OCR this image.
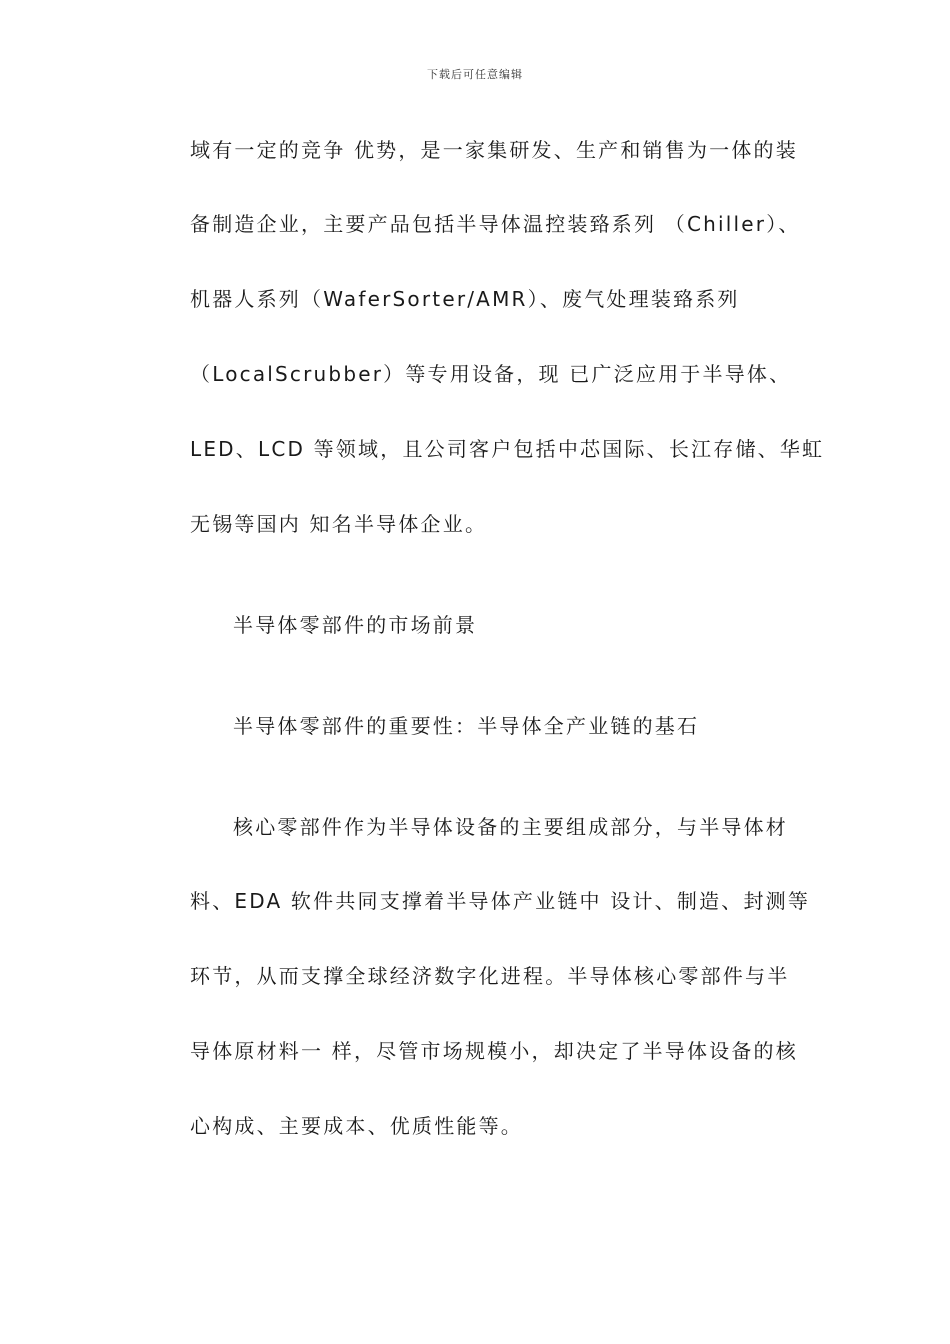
下载后可任意编辑
域有一定的竞争 优势，是一家集研发、生产和销售为一体的装
备制造企业，主要产品包括半导体温控装臵系列 （Chiller）、
机器人系列（WaferSorter/AMR）、废气处理装臵系列
（LocalScrubber）等专用设备，现 已广泛应用于半导体、
LED、LCD 等领域，且公司客户包括中芯国际、长江存储、华虹
无锡等国内 知名半导体企业。
半导体零部件的市场前景
半导体零部件的重要性：半导体全产业链的基石
核心零部件作为半导体设备的主要组成部分，与半导体材
料、EDA 软件共同支撑着半导体产业链中 设计、制造、封测等
环节，从而支撑全球经济数字化进程。半导体核心零部件与半
导体原材料一 样，尽管市场规模小，却决定了半导体设备的核
心构成、主要成本、优质性能等。
